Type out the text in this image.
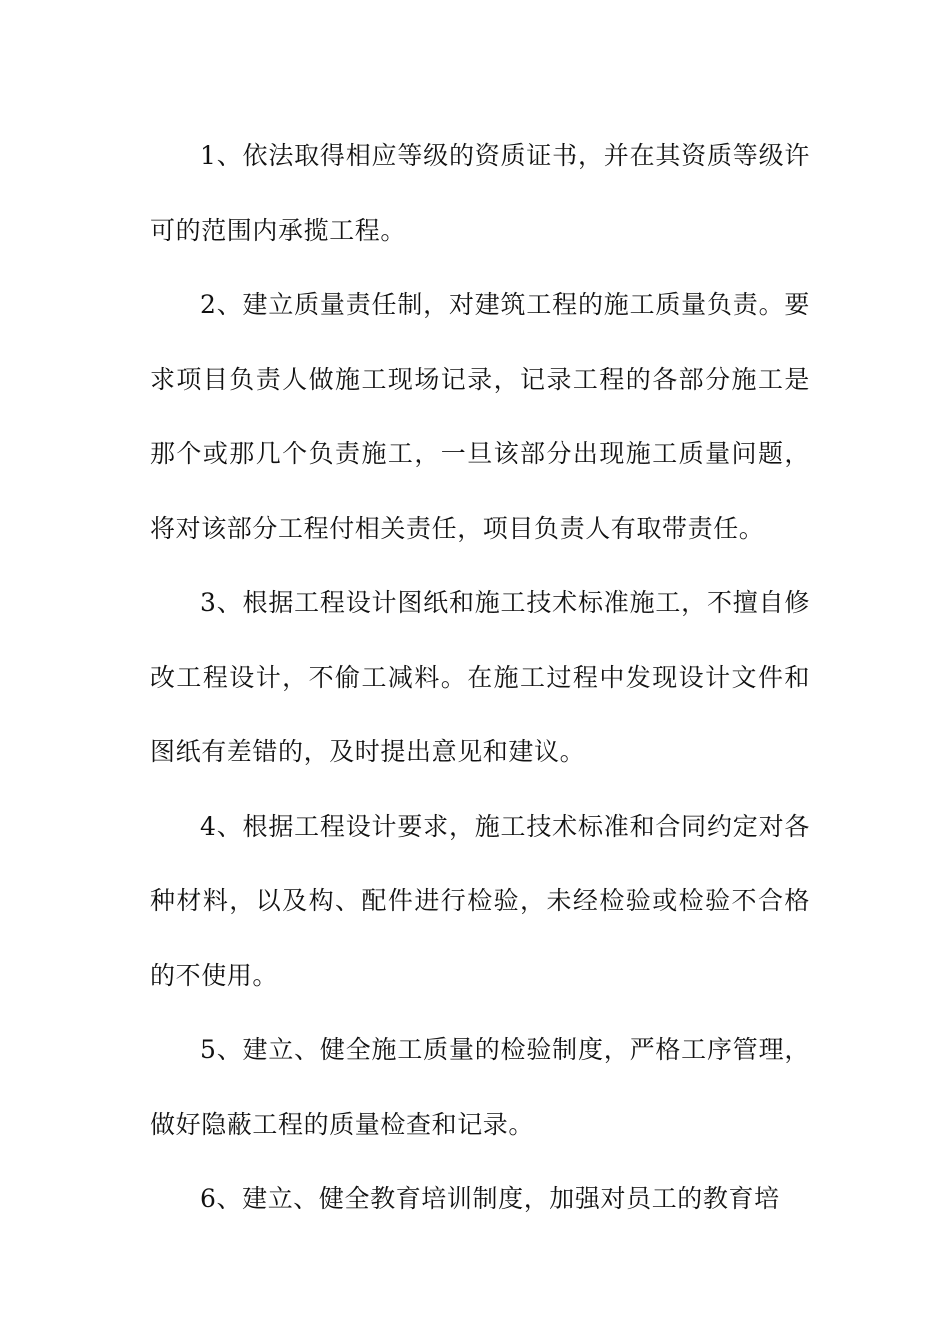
1、依法取得相应等级的资质证书，并在其资质等级许可的范围内承揽工程。

2、建立质量责任制，对建筑工程的施工质量负责。要求项目负责人做施工现场记录，记录工程的各部分施工是那个或那几个负责施工，一旦该部分出现施工质量问题，将对该部分工程付相关责任，项目负责人有取带责任。

3、根据工程设计图纸和施工技术标准施工，不擅自修改工程设计，不偷工减料。在施工过程中发现设计文件和图纸有差错的，及时提出意见和建议。

4、根据工程设计要求，施工技术标准和合同约定对各种材料，以及构、配件进行检验，未经检验或检验不合格的不使用。

5、建立、健全施工质量的检验制度，严格工序管理，做好隐蔽工程的质量检查和记录。

6、建立、健全教育培训制度，加强对员工的教育培
